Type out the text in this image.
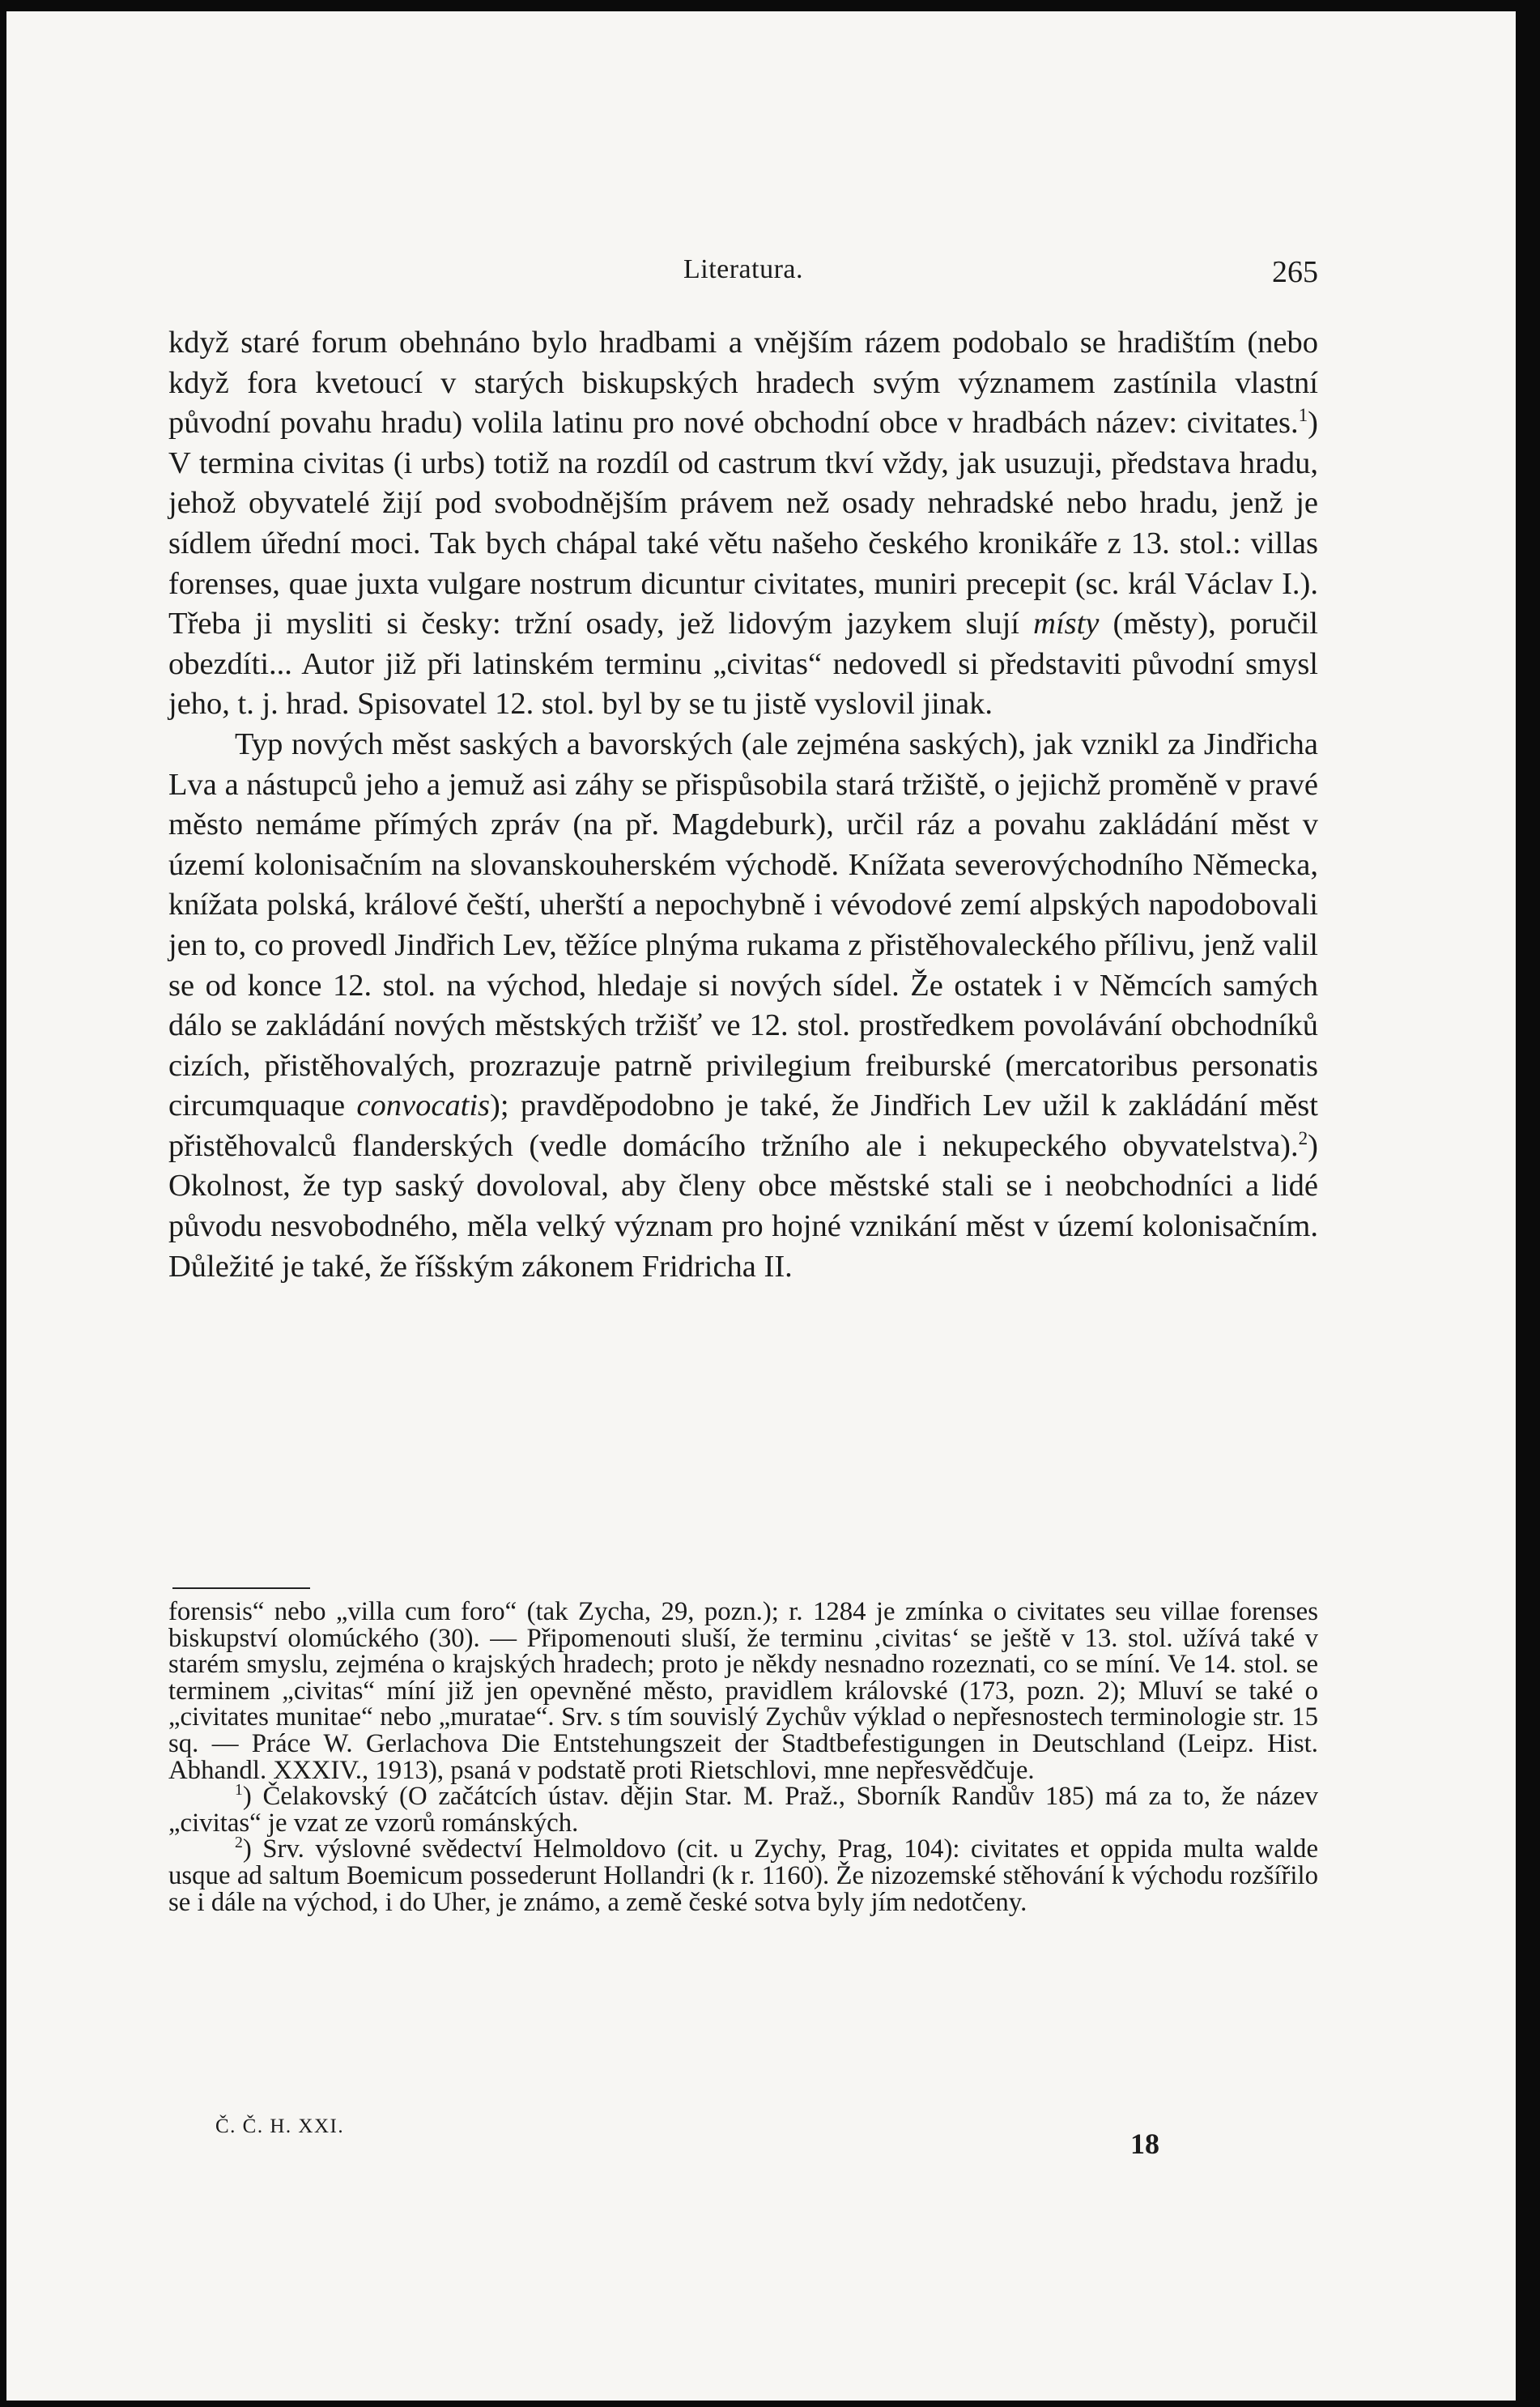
Literatura.	265

když staré forum obehnáno bylo hradbami a vnějším rázem podobalo se hradištím (nebo když fora kvetoucí v starých biskupských hradech svým významem zastínila vlastní původní povahu hradu) volila latinu pro nové obchodní obce v hradbách název: civitates.$^1$) V termina civitas (i urbs) totiž na rozdíl od castrum tkví vždy, jak usuzuji, představa hradu, jehož obyvatelé žijí pod svobodnějším právem než osady nehradské nebo hradu, jenž je sídlem úřední moci. Tak bych chápal také větu našeho českého kronikáře z 13. stol.: villas forenses, quae juxta vulgare nostrum dicuntur civitates, muniri precepit (sc. král Václav I.). Třeba ji mysliti si česky: tržní osady, jež lidovým jazykem slují místy (městy), poručil obezdíti... Autor již při latinském terminu „civitas“ nedovedl si představiti původní smysl jeho, t. j. hrad. Spisovatel 12. stol. byl by se tu jistě vyslovil jinak.

Typ nových měst saských a bavorských (ale zejména saských), jak vznikl za Jindřicha Lva a nástupců jeho a jemuž asi záhy se přispůsobila stará tržiště, o jejichž proměně v pravé město nemáme přímých zpráv (na př. Magdeburk), určil ráz a povahu zakládání měst v území kolonisačním na slovanskouherském východě. Knížata severovýchodního Německa, knížata polská, králové čeští, uherští a nepochybně i vévodové zemí alpských napodobovali jen to, co provedl Jindřich Lev, těžíce plnýma rukama z přistěhovaleckého přílivu, jenž valil se od konce 12. stol. na východ, hledaje si nových sídel. Že ostatek i v Němcích samých dálo se zakládání nových městských tržišť ve 12. stol. prostředkem povolávání obchodníků cizích, přistěhovalých, prozrazuje patrně privilegium freiburské (mercatoribus personatis circumquaque convocatis); pravděpodobno je také, že Jindřich Lev užil k zakládání měst přistěhovalců flanderských (vedle domácího tržního ale i nekupeckého obyvatelstva).$^2$) Okolnost, že typ saský dovoloval, aby členy obce městské stali se i neobchodníci a lidé původu nesvobodného, měla velký význam pro hojné vznikání měst v území kolonisačním. Důležité je také, že říšským zákonem Fridricha II.

forensis“ nebo „villa cum foro“ (tak Zycha, 29, pozn.); r. 1284 je zmínka o civitates seu villae forenses biskupství olomúckého (30). — Připomenouti sluší, že terminu ‚civitas‘ se ještě v 13. stol. užívá také v starém smyslu, zejména o krajských hradech; proto je někdy nesnadno rozeznati, co se míní. Ve 14. stol. se terminem „civitas“ míní již jen opevněné město, pravidlem královské (173, pozn. 2); Mluví se také o „civitates munitae“ nebo „muratae“. Srv. s tím souvislý Zychův výklad o nepřesnostech terminologie str. 15 sq. — Práce W. Gerlachova Die Entstehungszeit der Stadtbefestigungen in Deutschland (Leipz. Hist. Abhandl. XXXIV., 1913), psaná v podstatě proti Rietschlovi, mne nepřesvědčuje.

$^1$) Čelakovský (O začátcích ústav. dějin Star. M. Praž., Sborník Randův 185) má za to, že název „civitas“ je vzat ze vzorů románských.

$^2$) Srv. výslovné svědectví Helmoldovo (cit. u Zychy, Prag, 104): civitates et oppida multa walde usque ad saltum Boemicum possederunt Hollandri (k r. 1160). Že nizozemské stěhování k východu rozšířilo se i dále na východ, i do Uher, je známo, a země české sotva byly jím nedotčeny.

Č. Č. H. XXI.
18
